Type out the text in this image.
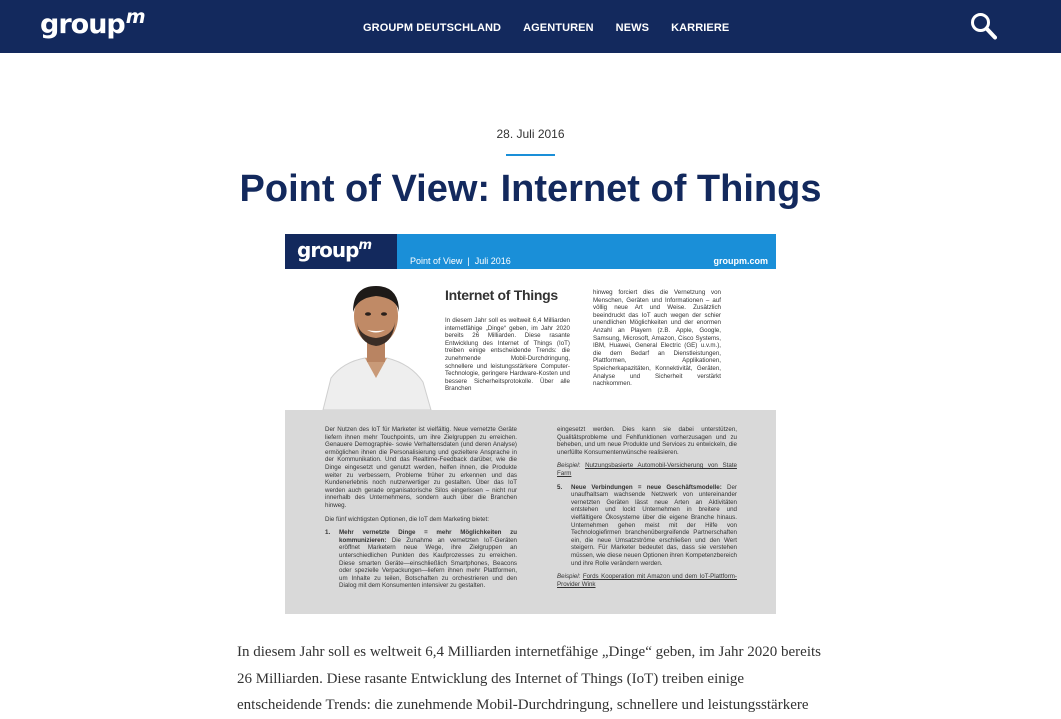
group$^m$	GROUPM DEUTSCHLAND AGENTUREN NEWS KARRIERE
28. Juli 2016
Point of View: Internet of Things
group$^m$
Point of View  |  Juli 2016	groupm.com
Internet of Things

In diesem Jahr soll es weltweit 6,4 Milliarden internetfähige „Dinge“ geben, im Jahr 2020 bereits 26 Milliarden. Diese rasante Entwicklung des Internet of Things (IoT) treiben einige entscheidende Trends: die zunehmende Mobil-Durchdringung, schnellere und leistungsstärkere Computer-Technologie, geringere Hardware-Kosten und bessere Sicherheitsprotokolle. Über alle Branchen

hinweg forciert dies die Vernetzung von Menschen, Geräten und Informationen – auf völlig neue Art und Weise. Zusätzlich beeindruckt das IoT auch wegen der schier unendlichen Möglichkeiten und der enormen Anzahl an Playern (z.B. Apple, Google, Samsung, Microsoft, Amazon, Cisco Systems, IBM, Huawei, General Electric (GE) u.v.m.), die dem Bedarf an Dienstleistungen, Plattformen, Applikationen, Speicherkapazitäten, Konnektivität, Geräten, Analyse und Sicherheit verstärkt nachkommen.

Der Nutzen des IoT für Marketer ist vielfältig. Neue vernetzte Geräte liefern ihnen mehr Touchpoints, um ihre Zielgruppen zu erreichen. Genauere Demographie- sowie Verhaltensdaten (und deren Analyse) ermöglichen ihnen die Personalisierung und gezieltere Ansprache in der Kommunikation. Und das Realtime-Feedback darüber, wie die Dinge eingesetzt und genutzt werden, helfen ihnen, die Produkte weiter zu verbessern, Probleme früher zu erkennen und das Kundenerlebnis noch nutzerwertiger zu gestalten. Über das IoT werden auch gerade organisatorische Silos eingerissen – nicht nur innerhalb des Unternehmens, sondern auch über die Branchen hinweg.

Die fünf wichtigsten Optionen, die IoT dem Marketing bietet:

1.	Mehr vernetzte Dinge = mehr Möglichkeiten zu kommunizieren: Die Zunahme an vernetzten IoT-Geräten eröffnet Marketern neue Wege, ihre Zielgruppen an unterschiedlichen Punkten des Kaufprozesses zu erreichen. Diese smarten Geräte—einschließlich Smartphones, Beacons oder spezielle Verpackungen—liefern ihnen mehr Plattformen, um Inhalte zu teilen, Botschaften zu orchestrieren und den Dialog mit dem Konsumenten intensiver zu gestalten.

eingesetzt werden. Dies kann sie dabei unterstützen, Qualitätsprobleme und Fehlfunktionen vorherzusagen und zu beheben, und um neue Produkte und Services zu entwickeln, die unerfüllte Konsumentenwünsche realisieren.

Beispiel: Nutzungsbasierte Automobil-Versicherung von State Farm

5.	Neue Verbindungen = neue Geschäftsmodelle: Der unaufhaltsam wachsende Netzwerk von untereinander vernetzten Geräten lässt neue Arten an Aktivitäten entstehen und lockt Unternehmen in breitere und vielfältigere Ökosysteme über die eigene Branche hinaus. Unternehmen gehen meist mit der Hilfe von Technologiefirmen branchenübergreifende Partnerschaften ein, die neue Umsatzströme erschließen und den Wert steigern. Für Marketer bedeutet das, dass sie verstehen müssen, wie diese neuen Optionen ihren Kompetenzbereich und ihre Rolle verändern werden.

Beispiel: Fords Kooperation mit Amazon und dem IoT-Plattform-Provider Wink

In diesem Jahr soll es weltweit 6,4 Milliarden internetfähige „Dinge“ geben, im Jahr 2020 bereits 26 Milliarden. Diese rasante Entwicklung des Internet of Things (IoT) treiben einige entscheidende Trends: die zunehmende Mobil-Durchdringung, schnellere und leistungsstärkere
